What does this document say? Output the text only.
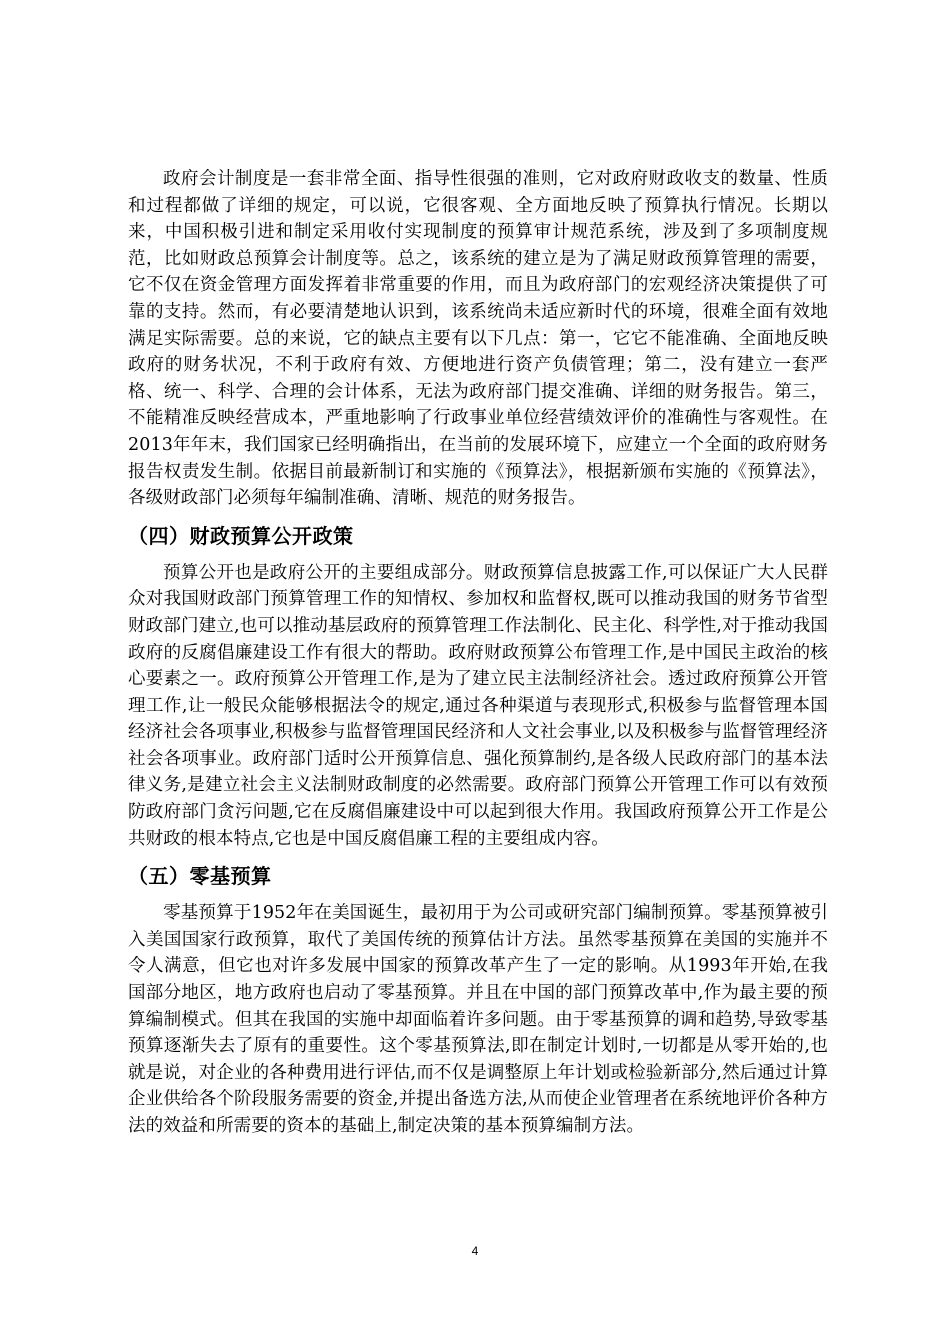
政府会计制度是一套非常全面、指导性很强的准则，它对政府财政收支的数量、性质和过程都做了详细的规定，可以说，它很客观、全方面地反映了预算执行情况。长期以来，中国积极引进和制定采用收付实现制度的预算审计规范系统，涉及到了多项制度规范，比如财政总预算会计制度等。总之，该系统的建立是为了满足财政预算管理的需要，它不仅在资金管理方面发挥着非常重要的作用，而且为政府部门的宏观经济决策提供了可靠的支持。然而，有必要清楚地认识到，该系统尚未适应新时代的环境，很难全面有效地满足实际需要。总的来说，它的缺点主要有以下几点：第一，它它不能准确、全面地反映政府的财务状况，不利于政府有效、方便地进行资产负债管理；第二，没有建立一套严格、统一、科学、合理的会计体系，无法为政府部门提交准确、详细的财务报告。第三，不能精准反映经营成本，严重地影响了行政事业单位经营绩效评价的准确性与客观性。在2013年年末，我们国家已经明确指出，在当前的发展环境下，应建立一个全面的政府财务报告权责发生制。依据目前最新制订和实施的《预算法》，根据新颁布实施的《预算法》，各级财政部门必须每年编制准确、清晰、规范的财务报告。

（四）财政预算公开政策

预算公开也是政府公开的主要组成部分。财政预算信息披露工作,可以保证广大人民群众对我国财政部门预算管理工作的知情权、参加权和监督权,既可以推动我国的财务节省型财政部门建立,也可以推动基层政府的预算管理工作法制化、民主化、科学性,对于推动我国政府的反腐倡廉建设工作有很大的帮助。政府财政预算公布管理工作,是中国民主政治的核心要素之一。政府预算公开管理工作,是为了建立民主法制经济社会。透过政府预算公开管理工作,让一般民众能够根据法令的规定,通过各种渠道与表现形式,积极参与监督管理本国经济社会各项事业,积极参与监督管理国民经济和人文社会事业,以及积极参与监督管理经济社会各项事业。政府部门适时公开预算信息、强化预算制约,是各级人民政府部门的基本法律义务,是建立社会主义法制财政制度的必然需要。政府部门预算公开管理工作可以有效预防政府部门贪污问题,它在反腐倡廉建设中可以起到很大作用。我国政府预算公开工作是公共财政的根本特点,它也是中国反腐倡廉工程的主要组成内容。

（五）零基预算

零基预算于1952年在美国诞生，最初用于为公司或研究部门编制预算。零基预算被引入美国国家行政预算，取代了美国传统的预算估计方法。虽然零基预算在美国的实施并不令人满意，但它也对许多发展中国家的预算改革产生了一定的影响。从1993年开始,在我国部分地区，地方政府也启动了零基预算。并且在中国的部门预算改革中,作为最主要的预算编制模式。但其在我国的实施中却面临着许多问题。由于零基预算的调和趋势,导致零基预算逐渐失去了原有的重要性。这个零基预算法,即在制定计划时,一切都是从零开始的,也就是说，对企业的各种费用进行评估,而不仅是调整原上年计划或检验新部分,然后通过计算企业供给各个阶段服务需要的资金,并提出备选方法,从而使企业管理者在系统地评价各种方法的效益和所需要的资本的基础上,制定决策的基本预算编制方法。

4
